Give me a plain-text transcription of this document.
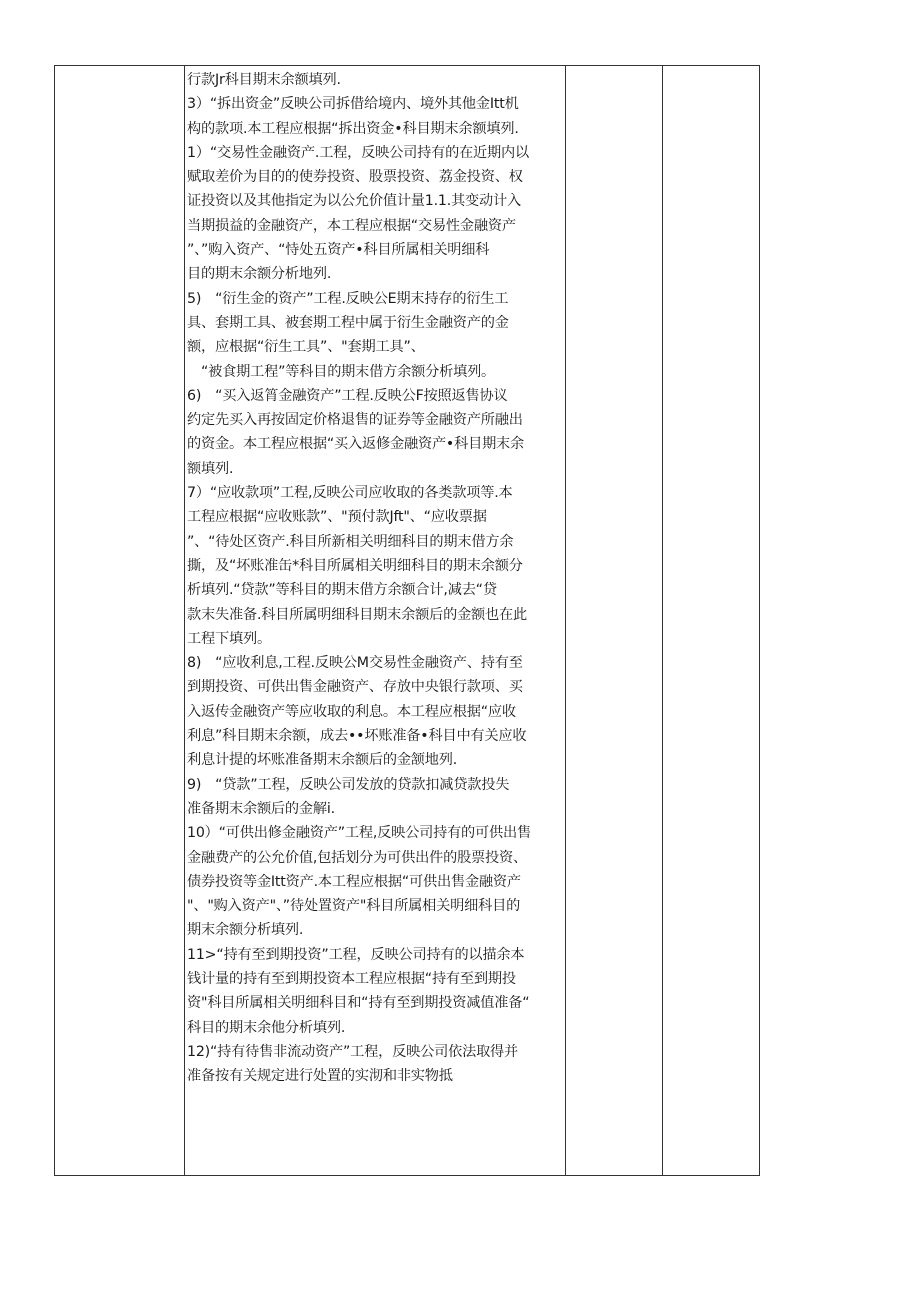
行款Jr科目期末余额填列.

3）“拆出资金”反映公司拆借给境内、境外其他金Itt机
构的款项.本工程应根据“拆出资金•科目期末余额填列.

1）“交易性金融资产.工程，反映公司持有的在近期内以
赋取差价为目的的使券投资、股票投资、荔金投资、权
证投资以及其他指定为以公允价值计量1.1.其变动计入
当期损益的金融资产，本工程应根据“交易性金融资产
”、”购入资产、“恃处五资产•科目所属相关明细科
目的期末余额分析地列.

5)　“衍生金的资产”工程.反映公E期末持存的衍生工
具、套期工具、被套期工程中属于衍生金融资产的金
额，应根据“衍生工具”、"套期工具”、
　“被食期工程”等科目的期末借方余额分析填列。

6)　“买入返筲金融资产”工程.反映公F按照返售协议
约定先买入再按固定价格退售的证券等金融资产所融出
的资金。本工程应根据“买入返修金融资产•科目期末余
额填列.

7）“应收款项”工程,反映公司应收取的各类款项等.本
工程应根据“应收账款”、"预付款Jft"、“应收票据
”、“待处区资产.科目所新相关明细科目的期末借方余
撕，及“坏账准缶*科目所属相关明细科目的期末余额分
析填列.“贷款”等科目的期末借方余额合计,减去“贷
款末失准备.科目所属明细科目期末余额后的金额也在此
工程下填列。

8)　“应收利息,工程.反映公M交易性金融资产、持有至
到期投资、可供出售金融资产、存放中央银行款项、买
入返传金融资产等应收取的利息。本工程应根据“应收
利息”科目期末余额，成去••坏账准备•科目中有关应收
利息计提的坏账准备期末余额后的金颔地列.

9)　“贷款”工程，反映公司发放的贷款扣减贷款投失
准备期末余额后的金解i.

10）“可供出修金融资产”工程,反映公司持有的可供出售
金融费产的公允价值,包括划分为可供出件的股票投资、
债券投资等金Itt资产.本工程应根据“可供出售金融资产
"、"购入资产"、”待处置资产"科目所属相关明细科目的
期末余额分析填列.

11>“持有至到期投资”工程，反映公司持有的以描余本
钱计量的持有至到期投资本工程应根据“持有至到期投
资"科目所属相关明细科目和“持有至到期投资减值准备“
科目的期末余他分析填列.

12)“持有待售非流动资产”工程，反映公司依法取得并
准备按有关规定进行处置的实沏和非实物抵
